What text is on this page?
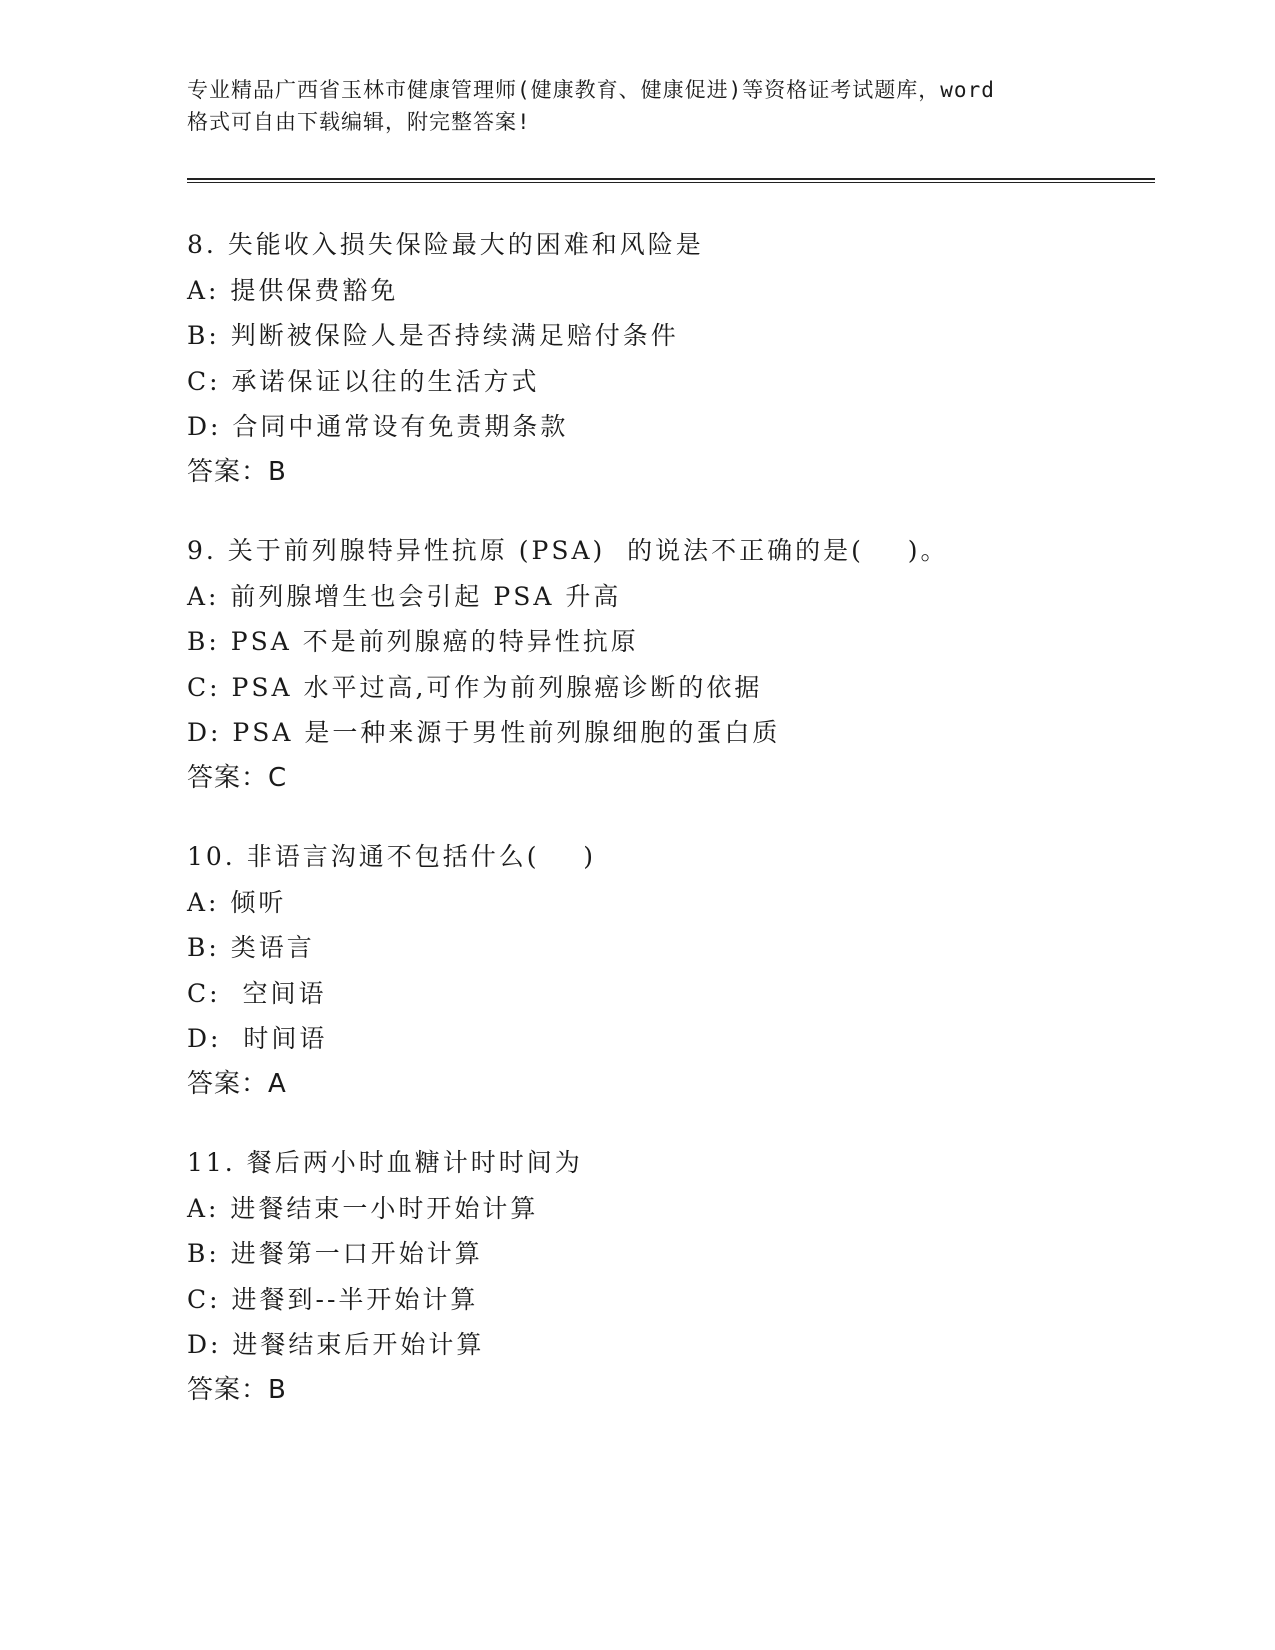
专业精品广西省玉林市健康管理师(健康教育、健康促进)等资格证考试题库，word
格式可自由下载编辑，附完整答案!
8. 失能收入损失保险最大的困难和风险是
A: 提供保费豁免
B: 判断被保险人是否持续满足赔付条件
C: 承诺保证以往的生活方式
D: 合同中通常设有免责期条款
答案：B
9. 关于前列腺特异性抗原 (PSA)  的说法不正确的是(    )。
A: 前列腺增生也会引起 PSA 升高
B: PSA 不是前列腺癌的特异性抗原
C: PSA 水平过高,可作为前列腺癌诊断的依据
D: PSA 是一种来源于男性前列腺细胞的蛋白质
答案：C
10. 非语言沟通不包括什么(    )
A: 倾听
B: 类语言
C:  空间语
D:  时间语
答案：A
11. 餐后两小时血糖计时时间为
A: 进餐结束一小时开始计算
B: 进餐第一口开始计算
C: 进餐到--半开始计算
D: 进餐结束后开始计算
答案：B
